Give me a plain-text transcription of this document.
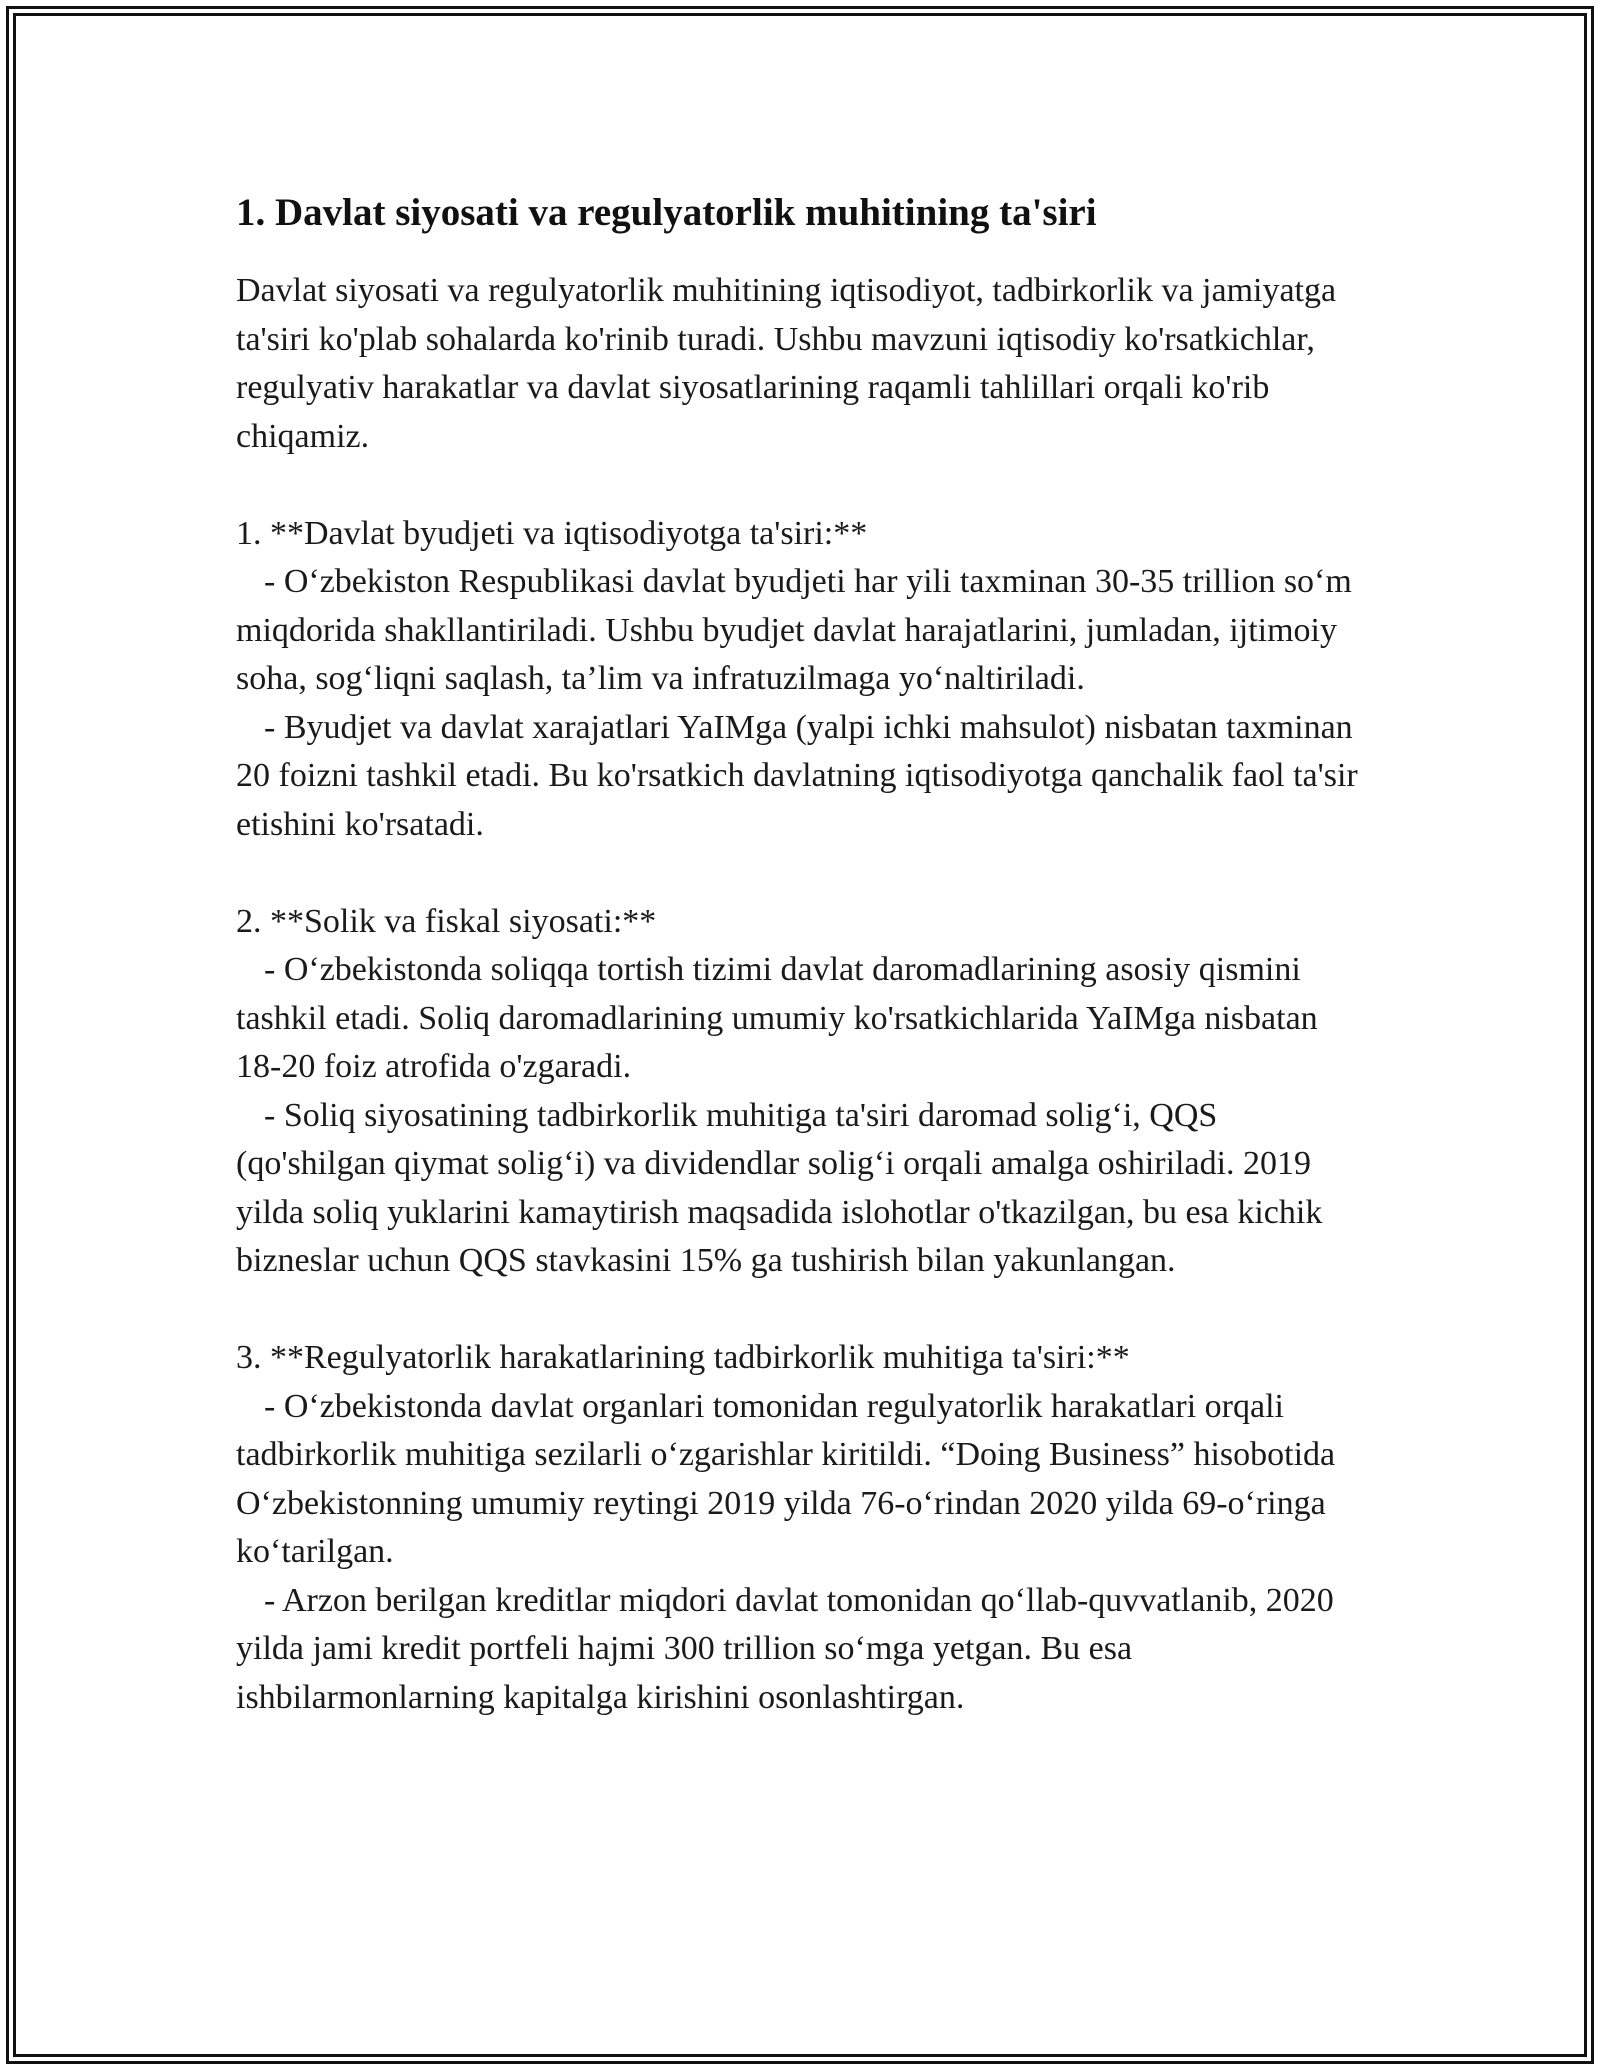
1. Davlat siyosati va regulyatorlik muhitining ta'siri

Davlat siyosati va regulyatorlik muhitining iqtisodiyot, tadbirkorlik va jamiyatga ta'siri ko'plab sohalarda ko'rinib turadi. Ushbu mavzuni iqtisodiy ko'rsatkichlar, regulyativ harakatlar va davlat siyosatlarining raqamli tahlillari orqali ko'rib chiqamiz.

1. **Davlat byudjeti va iqtisodiyotga ta'siri:**

- O‘zbekiston Respublikasi davlat byudjeti har yili taxminan 30-35 trillion so‘m miqdorida shakllantiriladi. Ushbu byudjet davlat harajatlarini, jumladan, ijtimoiy soha, sog‘liqni saqlash, ta’lim va infratuzilmaga yo‘naltiriladi.

- Byudjet va davlat xarajatlari YaIMga (yalpi ichki mahsulot) nisbatan taxminan 20 foizni tashkil etadi. Bu ko'rsatkich davlatning iqtisodiyotga qanchalik faol ta'sir etishini ko'rsatadi.

2. **Solik va fiskal siyosati:**

- O‘zbekistonda soliqqa tortish tizimi davlat daromadlarining asosiy qismini tashkil etadi. Soliq daromadlarining umumiy ko'rsatkichlarida YaIMga nisbatan 18-20 foiz atrofida o'zgaradi.

- Soliq siyosatining tadbirkorlik muhitiga ta'siri daromad solig‘i, QQS (qo'shilgan qiymat solig‘i) va dividendlar solig‘i orqali amalga oshiriladi. 2019 yilda soliq yuklarini kamaytirish maqsadida islohotlar o'tkazilgan, bu esa kichik bizneslar uchun QQS stavkasini 15% ga tushirish bilan yakunlangan.

3. **Regulyatorlik harakatlarining tadbirkorlik muhitiga ta'siri:**

- O‘zbekistonda davlat organlari tomonidan regulyatorlik harakatlari orqali tadbirkorlik muhitiga sezilarli o‘zgarishlar kiritildi. “Doing Business” hisobotida O‘zbekistonning umumiy reytingi 2019 yilda 76-o‘rindan 2020 yilda 69-o‘ringa ko‘tarilgan.

- Arzon berilgan kreditlar miqdori davlat tomonidan qo‘llab-quvvatlanib, 2020 yilda jami kredit portfeli hajmi 300 trillion so‘mga yetgan. Bu esa ishbilarmonlarning kapitalga kirishini osonlashtirgan.
